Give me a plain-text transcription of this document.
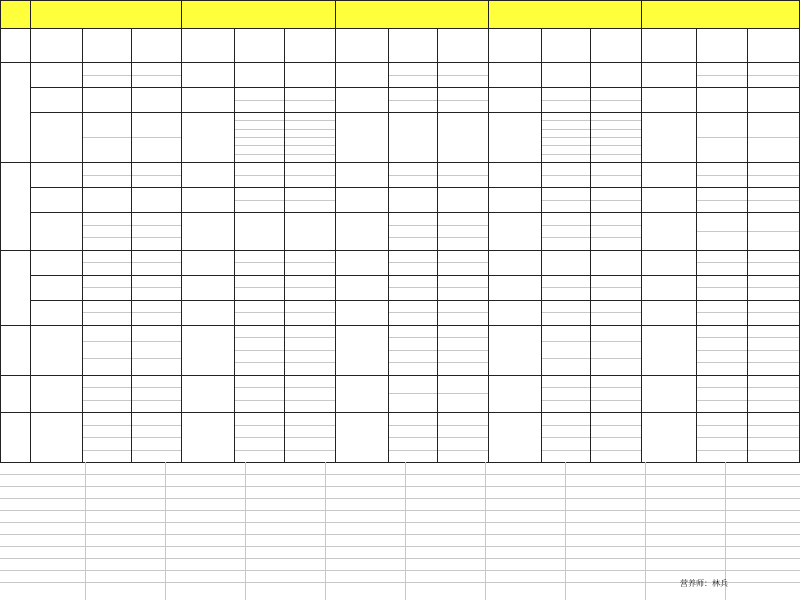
营养师：林兵
